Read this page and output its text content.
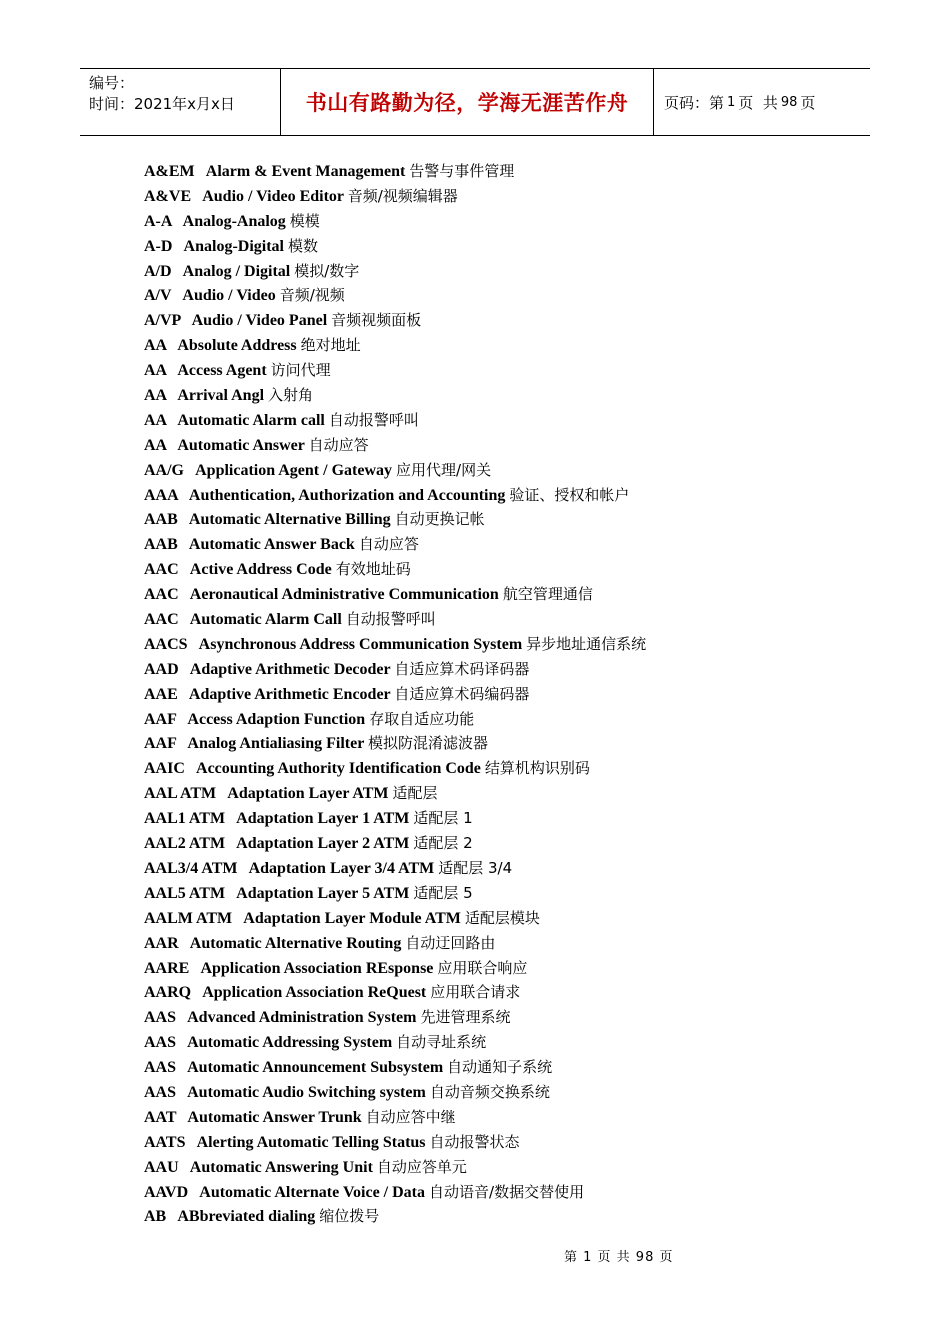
编号：
时间：2021年x月x日	书山有路勤为径，学海无涯苦作舟 页码：第 1 页  共 98 页
A&EM   Alarm & Event Management 告警与事件管理
A&VE   Audio / Video Editor 音频/视频编辑器
A-A   Analog-Analog 模模
A-D   Analog-Digital 模数
A/D   Analog / Digital 模拟/数字
A/V   Audio / Video 音频/视频
A/VP   Audio / Video Panel 音频视频面板
AA   Absolute Address 绝对地址
AA   Access Agent 访问代理
AA   Arrival Angl 入射角
AA   Automatic Alarm call 自动报警呼叫
AA   Automatic Answer 自动应答
AA/G   Application Agent / Gateway 应用代理/网关
AAA   Authentication, Authorization and Accounting 验证、授权和帐户
AAB   Automatic Alternative Billing 自动更换记帐
AAB   Automatic Answer Back 自动应答
AAC   Active Address Code 有效地址码
AAC   Aeronautical Administrative Communication 航空管理通信
AAC   Automatic Alarm Call 自动报警呼叫
AACS   Asynchronous Address Communication System 异步地址通信系统
AAD   Adaptive Arithmetic Decoder 自适应算术码译码器
AAE   Adaptive Arithmetic Encoder 自适应算术码编码器
AAF   Access Adaption Function 存取自适应功能
AAF   Analog Antialiasing Filter 模拟防混淆滤波器
AAIC   Accounting Authority Identification Code 结算机构识别码
AAL ATM   Adaptation Layer ATM 适配层
AAL1 ATM   Adaptation Layer 1 ATM 适配层 1
AAL2 ATM   Adaptation Layer 2 ATM 适配层 2
AAL3/4 ATM   Adaptation Layer 3/4 ATM 适配层 3/4
AAL5 ATM   Adaptation Layer 5 ATM 适配层 5
AALM ATM   Adaptation Layer Module ATM 适配层模块
AAR   Automatic Alternative Routing 自动迂回路由
AARE   Application Association REsponse 应用联合响应
AARQ   Application Association ReQuest 应用联合请求
AAS   Advanced Administration System 先进管理系统
AAS   Automatic Addressing System 自动寻址系统
AAS   Automatic Announcement Subsystem 自动通知子系统
AAS   Automatic Audio Switching system 自动音频交换系统
AAT   Automatic Answer Trunk 自动应答中继
AATS   Alerting Automatic Telling Status 自动报警状态
AAU   Automatic Answering Unit 自动应答单元
AAVD   Automatic Alternate Voice / Data 自动语音/数据交替使用
AB   ABbreviated dialing 缩位拨号
第 1 页 共 98 页
